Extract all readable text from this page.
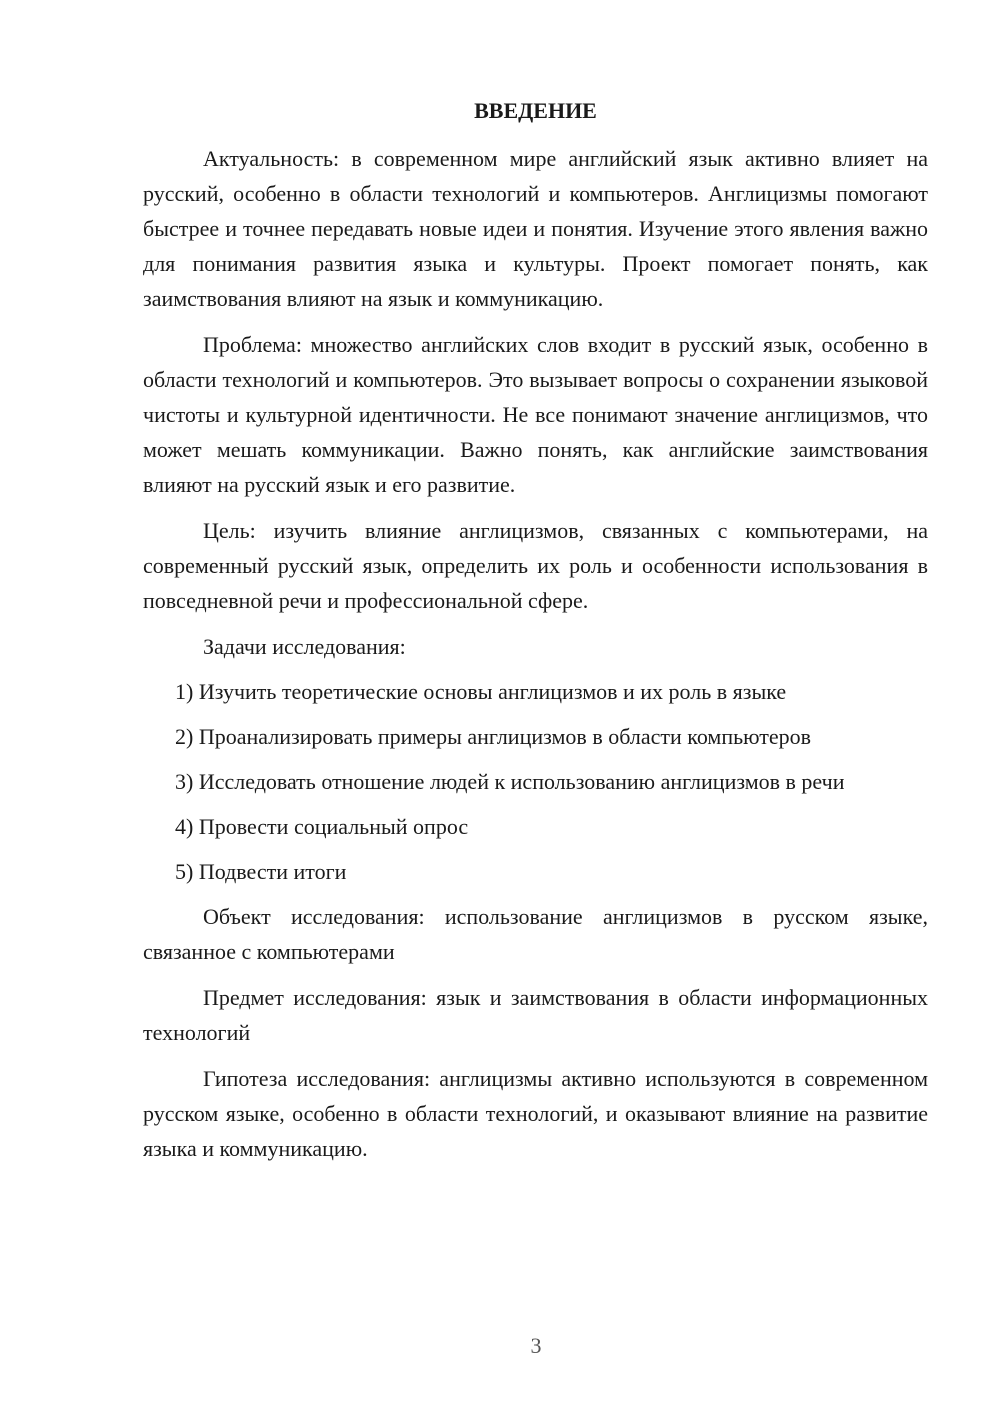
ВВЕДЕНИЕ

Актуальность: в современном мире английский язык активно влияет на русский, особенно в области технологий и компьютеров. Англицизмы помогают быстрее и точнее передавать новые идеи и понятия. Изучение этого явления важно для понимания развития языка и культуры. Проект помогает понять, как заимствования влияют на язык и коммуникацию.

Проблема: множество английских слов входит в русский язык, особенно в области технологий и компьютеров. Это вызывает вопросы о сохранении языковой чистоты и культурной идентичности. Не все понимают значение англицизмов, что может мешать коммуникации. Важно понять, как английские заимствования влияют на русский язык и его развитие.

Цель: изучить влияние англицизмов, связанных с компьютерами, на современный русский язык, определить их роль и особенности использования в повседневной речи и профессиональной сфере.

Задачи исследования:

1) Изучить теоретические основы англицизмов и их роль в языке

2) Проанализировать примеры англицизмов в области компьютеров

3) Исследовать отношение людей к использованию англицизмов в речи

4) Провести социальный опрос

5) Подвести итоги

Объект исследования: использование англицизмов в русском языке, связанное с компьютерами

Предмет исследования: язык и заимствования в области информационных технологий

Гипотеза исследования: англицизмы активно используются в современном русском языке, особенно в области технологий, и оказывают влияние на развитие языка и коммуникацию.

3
